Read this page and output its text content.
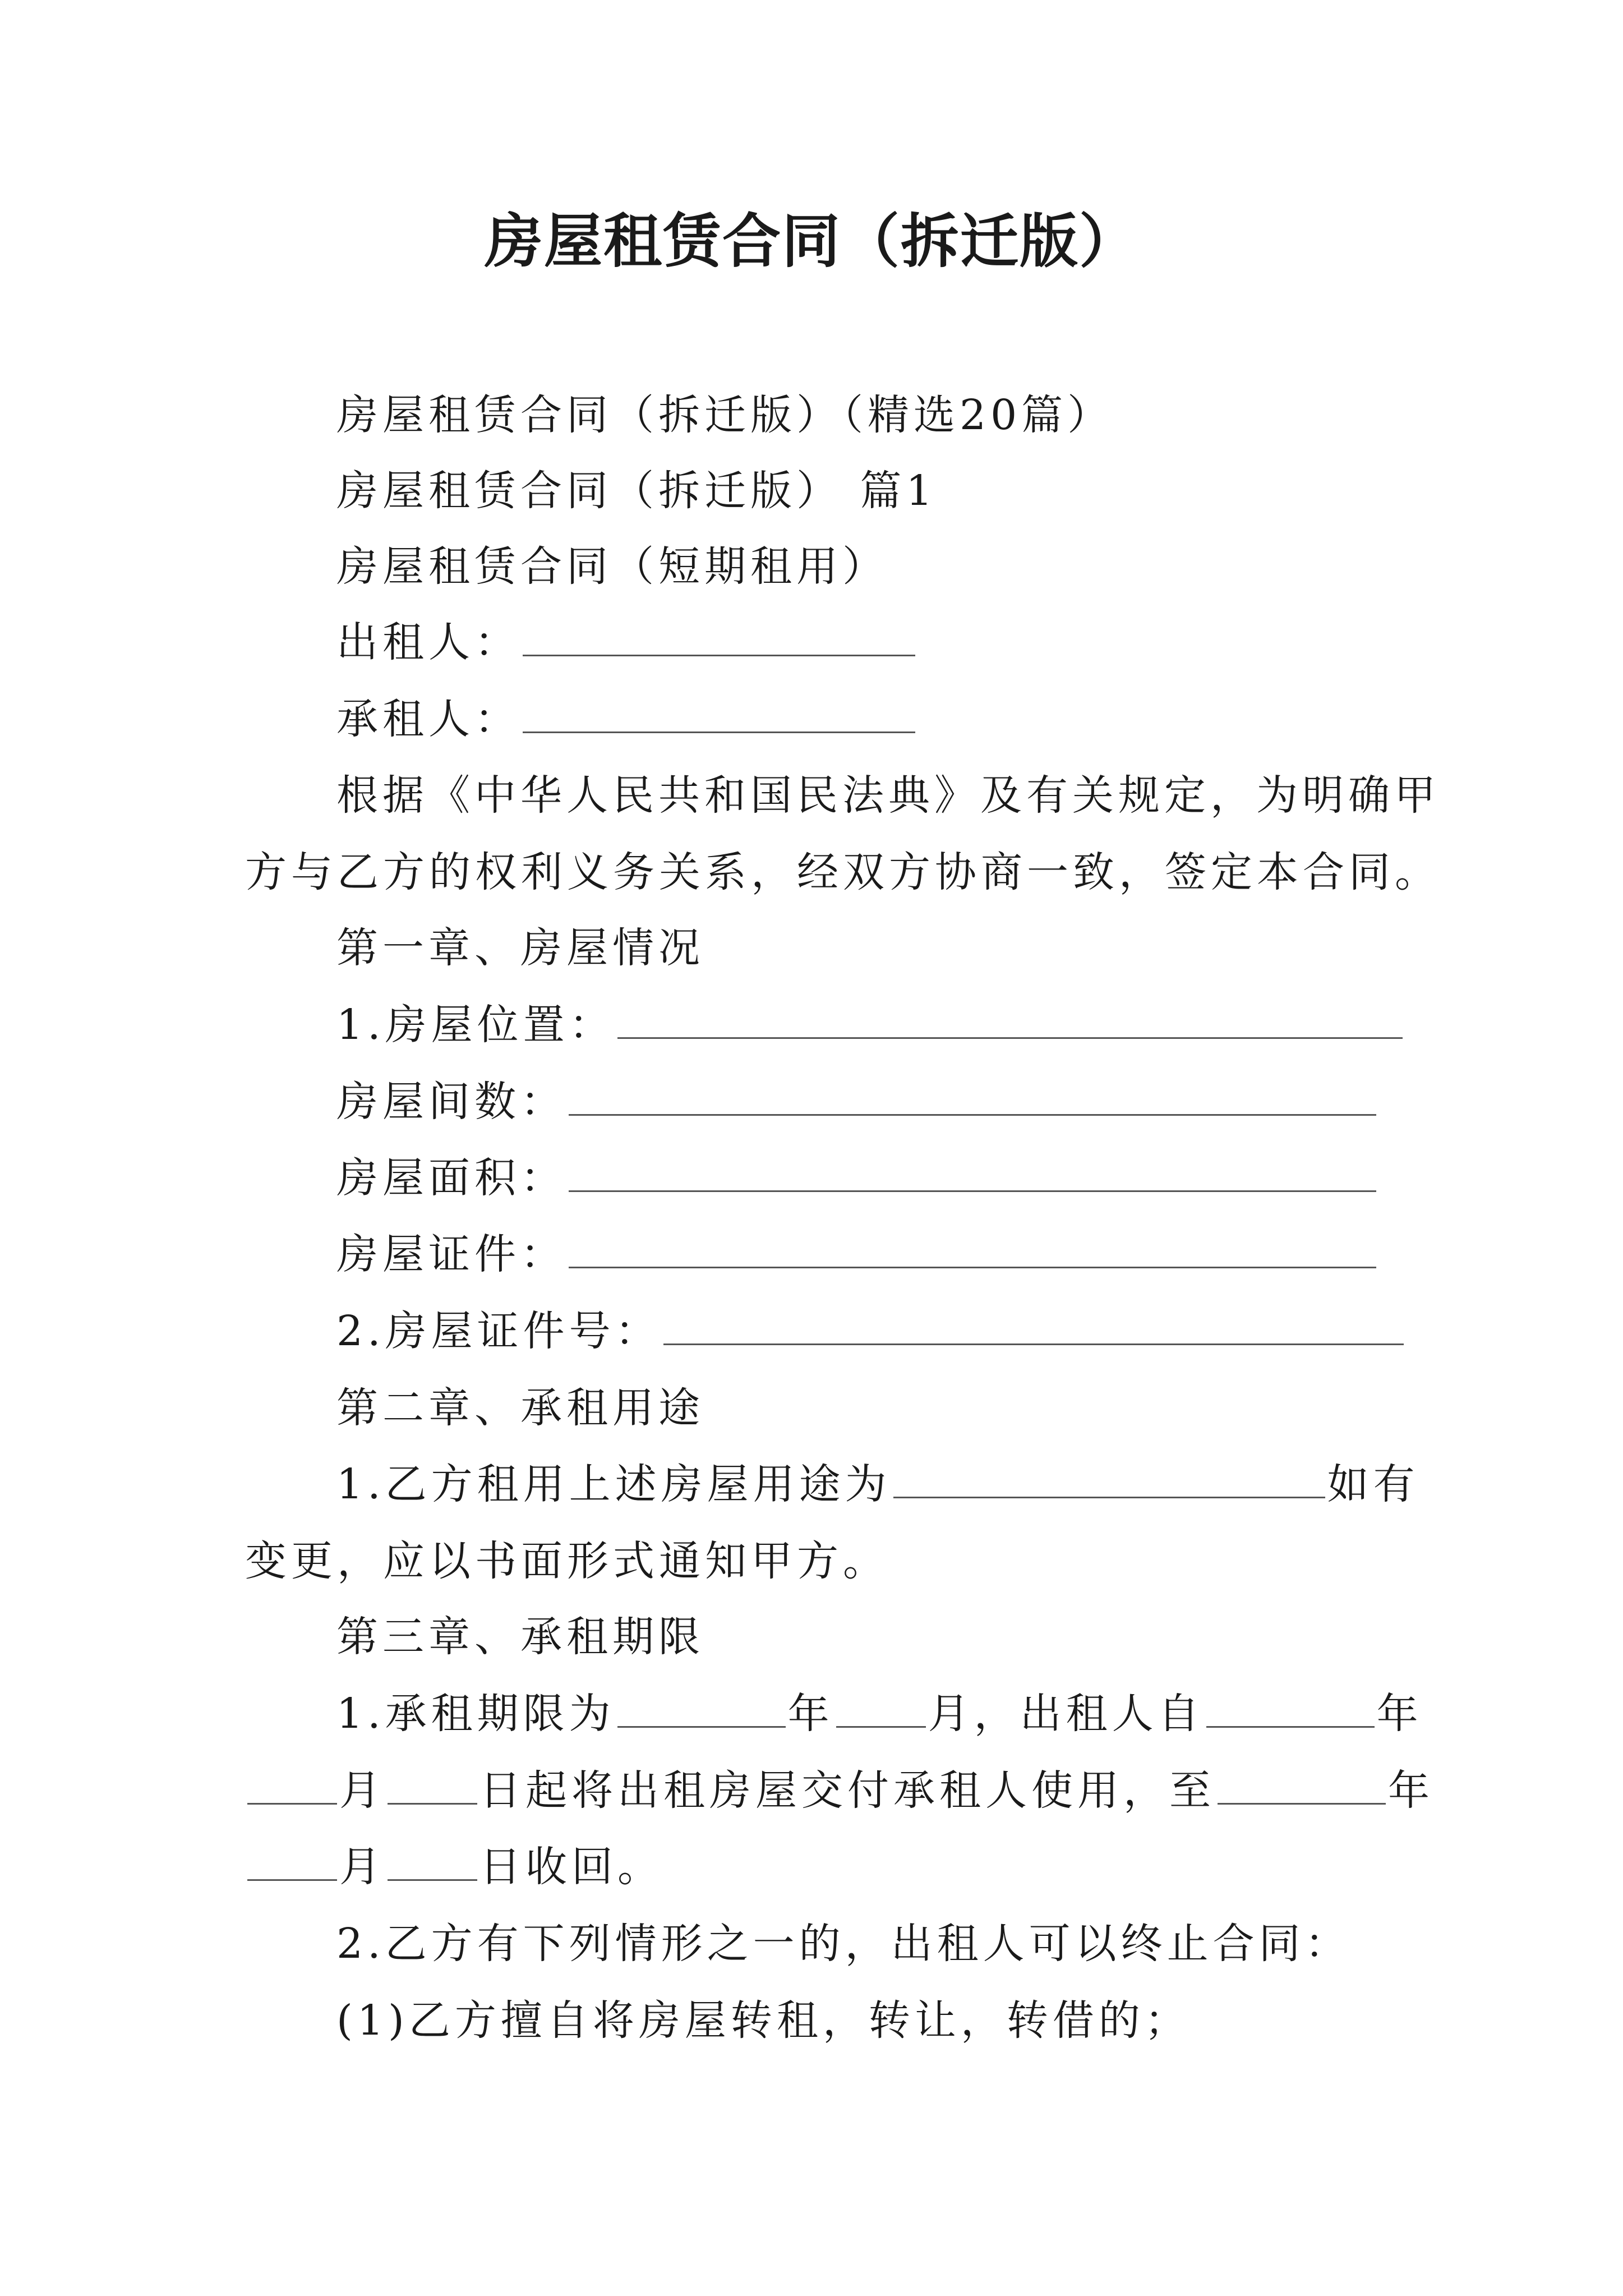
房屋租赁合同（拆迁版）
房屋租赁合同（拆迁版）（精选20篇）
房屋租赁合同（拆迁版） 篇1
房屋租赁合同（短期租用）
出租人：
承租人：
根据《中华人民共和国民法典》及有关规定，为明确甲
方与乙方的权利义务关系，经双方协商一致，签定本合同。
第一章、房屋情况
1.房屋位置：
房屋间数：
房屋面积：
房屋证件：
2.房屋证件号：
第二章、承租用途
1.乙方租用上述房屋用途为	如有
变更，应以书面形式通知甲方。
第三章、承租期限
1.承租期限为	年 月，出租人自	年
月 日起将出租房屋交付承租人使用，至	年
月 日收回。
2.乙方有下列情形之一的，出租人可以终止合同：
(1)乙方擅自将房屋转租，转让，转借的；
